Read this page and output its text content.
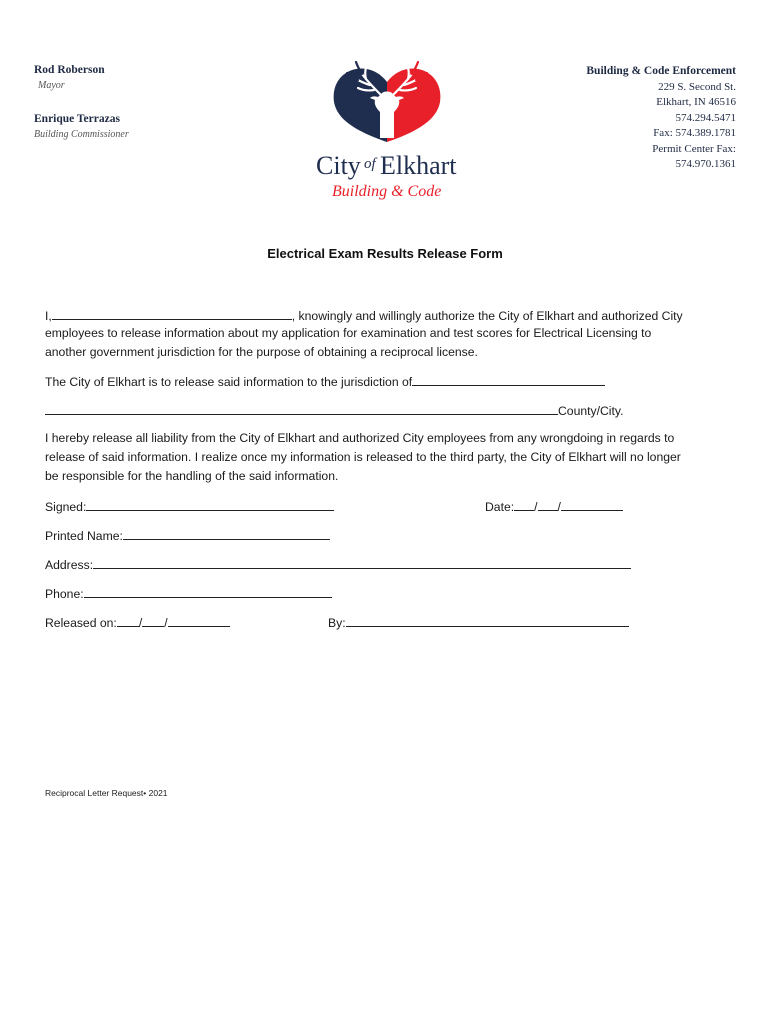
Rod Roberson
Mayor
Enrique Terrazas
Building Commissioner
Building & Code Enforcement
229 S. Second St.
Elkhart, IN 46516
574.294.5471
Fax: 574.389.1781
Permit Center Fax:
574.970.1361
City of Elkhart
Building & Code
Electrical Exam Results Release Form
I,	, knowingly and willingly authorize the City of Elkhart and authorized City
employees to release information about my application for examination and test scores for Electrical Licensing to
another government jurisdiction for the purpose of obtaining a reciprocal license.
The City of Elkhart is to release said information to the jurisdiction of
County/City.
I hereby release all liability from the City of Elkhart and authorized City employees from any wrongdoing in regards to
release of said information. I realize once my information is released to the third party, the City of Elkhart will no longer
be responsible for the handling of the said information.
Signed:	Date: / /
Printed Name:
Address:
Phone:
Released on: / /	By:
Reciprocal Letter Request• 2021
